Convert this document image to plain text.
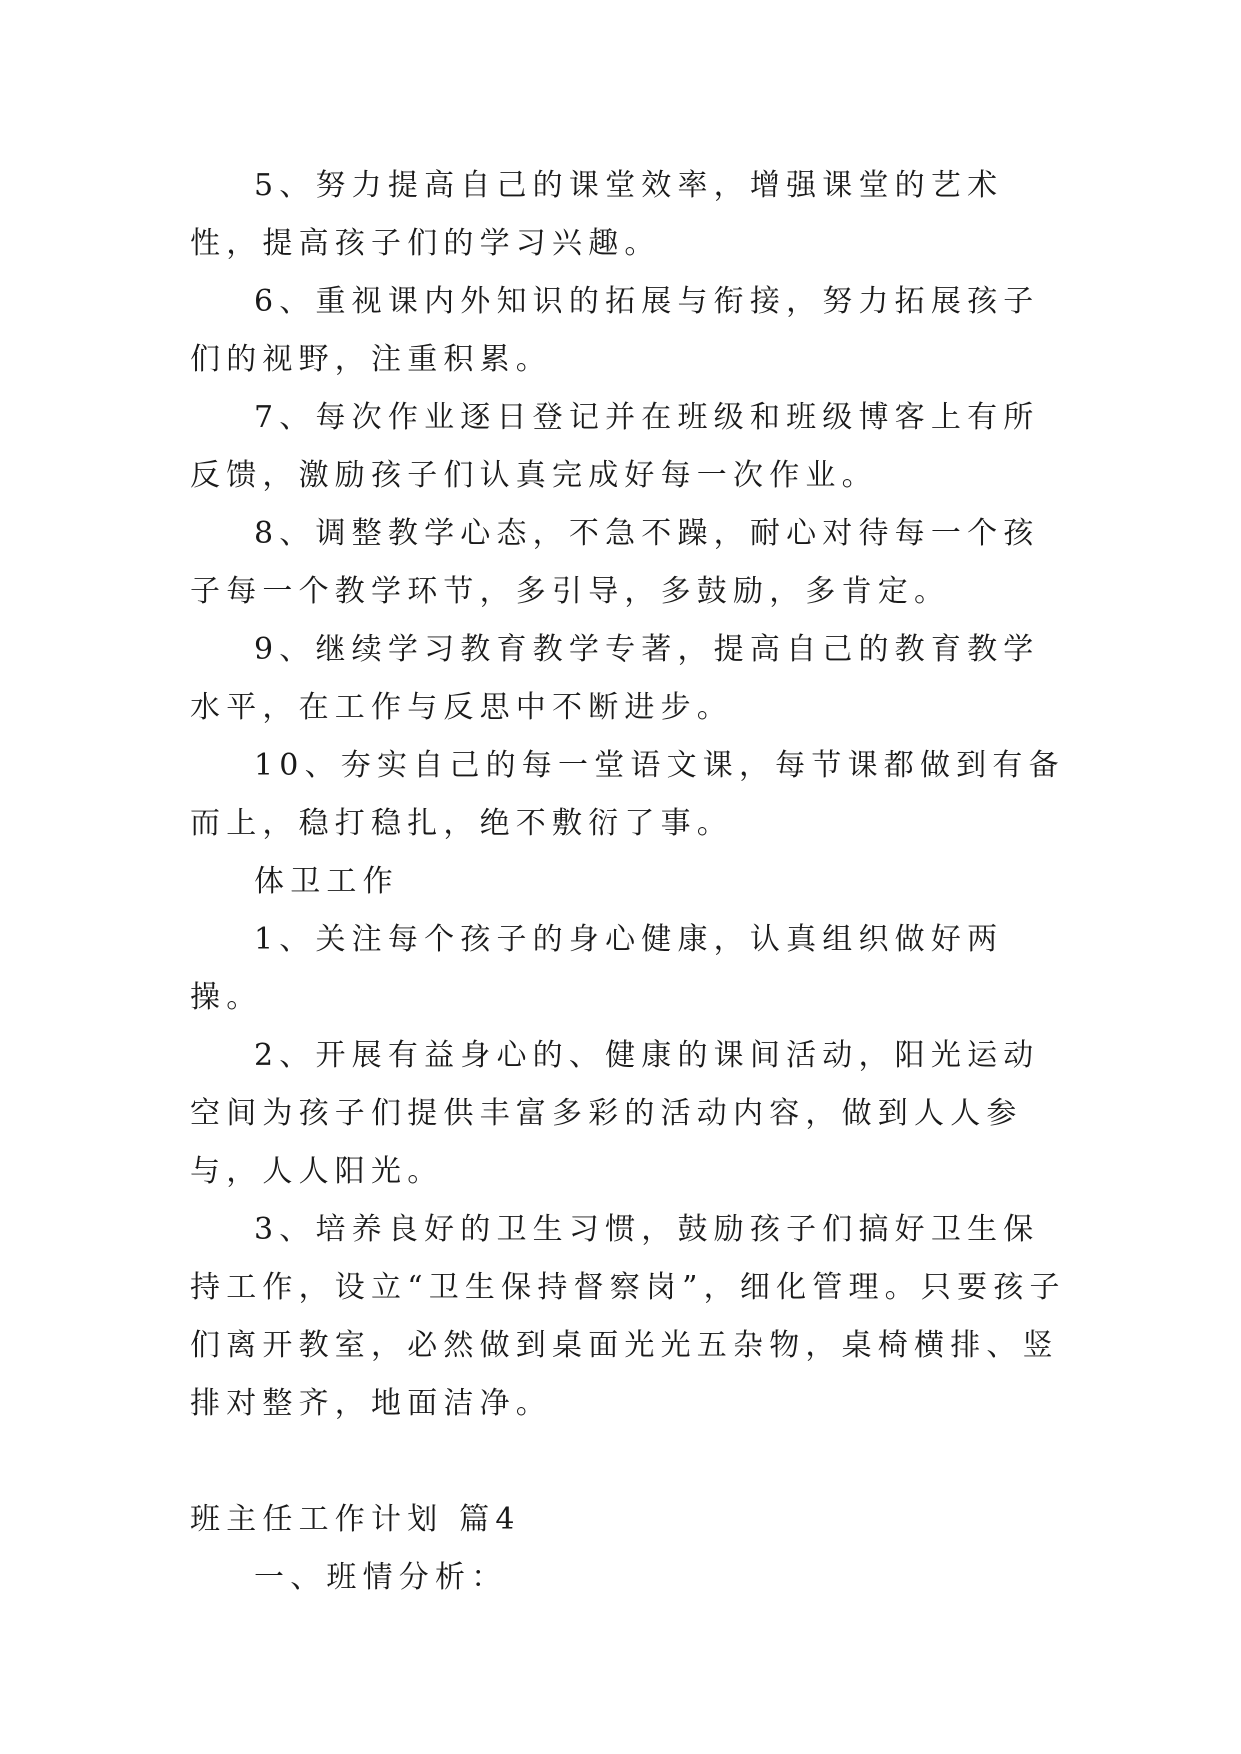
5、努力提高自己的课堂效率，增强课堂的艺术性，提高孩子们的学习兴趣。

6、重视课内外知识的拓展与衔接，努力拓展孩子们的视野，注重积累。

7、每次作业逐日登记并在班级和班级博客上有所反馈，激励孩子们认真完成好每一次作业。

8、调整教学心态，不急不躁，耐心对待每一个孩子每一个教学环节，多引导，多鼓励，多肯定。

9、继续学习教育教学专著，提高自己的教育教学水平，在工作与反思中不断进步。

10、夯实自己的每一堂语文课，每节课都做到有备而上，稳打稳扎，绝不敷衍了事。

体卫工作

1、关注每个孩子的身心健康，认真组织做好两操。

2、开展有益身心的、健康的课间活动，阳光运动空间为孩子们提供丰富多彩的活动内容，做到人人参与，人人阳光。

3、培养良好的卫生习惯，鼓励孩子们搞好卫生保持工作，设立“卫生保持督察岗”，细化管理。只要孩子们离开教室，必然做到桌面光光五杂物，桌椅横排、竖排对整齐，地面洁净。

班主任工作计划 篇4

一、班情分析：
